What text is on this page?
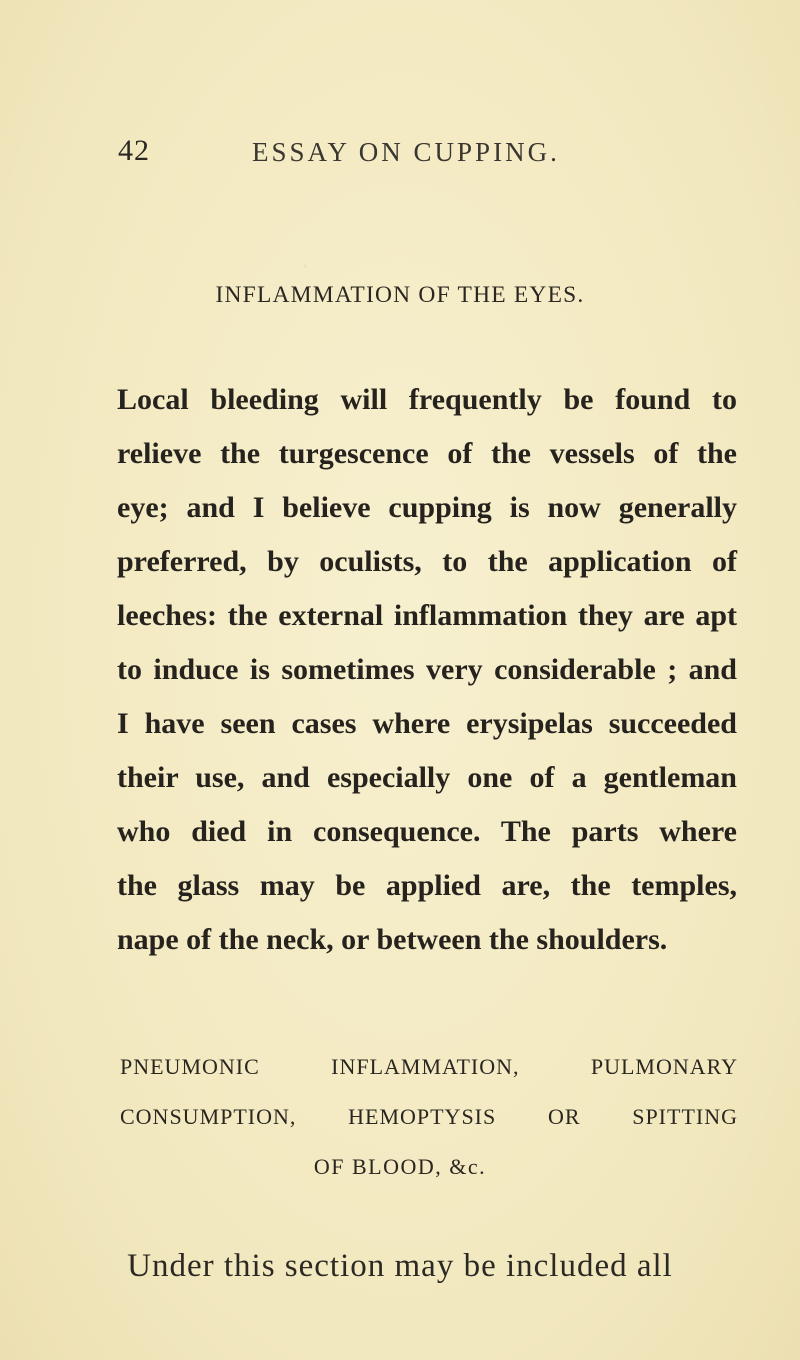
·
42	ESSAY ON CUPPING.
INFLAMMATION OF THE EYES.
Local bleeding will frequently be found to
relieve the turgescence of the vessels of the
eye; and I believe cupping is now generally
preferred, by oculists, to the application of
leeches: the external inflammation they are apt
to induce is sometimes very considerable ; and
I have seen cases where erysipelas succeeded
their use, and especially one of a gentleman
who died in consequence. The parts where
the glass may be applied are, the temples,
nape of the neck, or between the shoulders.
PNEUMONIC INFLAMMATION, PULMONARY
CONSUMPTION, HEMOPTYSIS OR SPITTING
OF BLOOD, &c.
Under this section may be included all
